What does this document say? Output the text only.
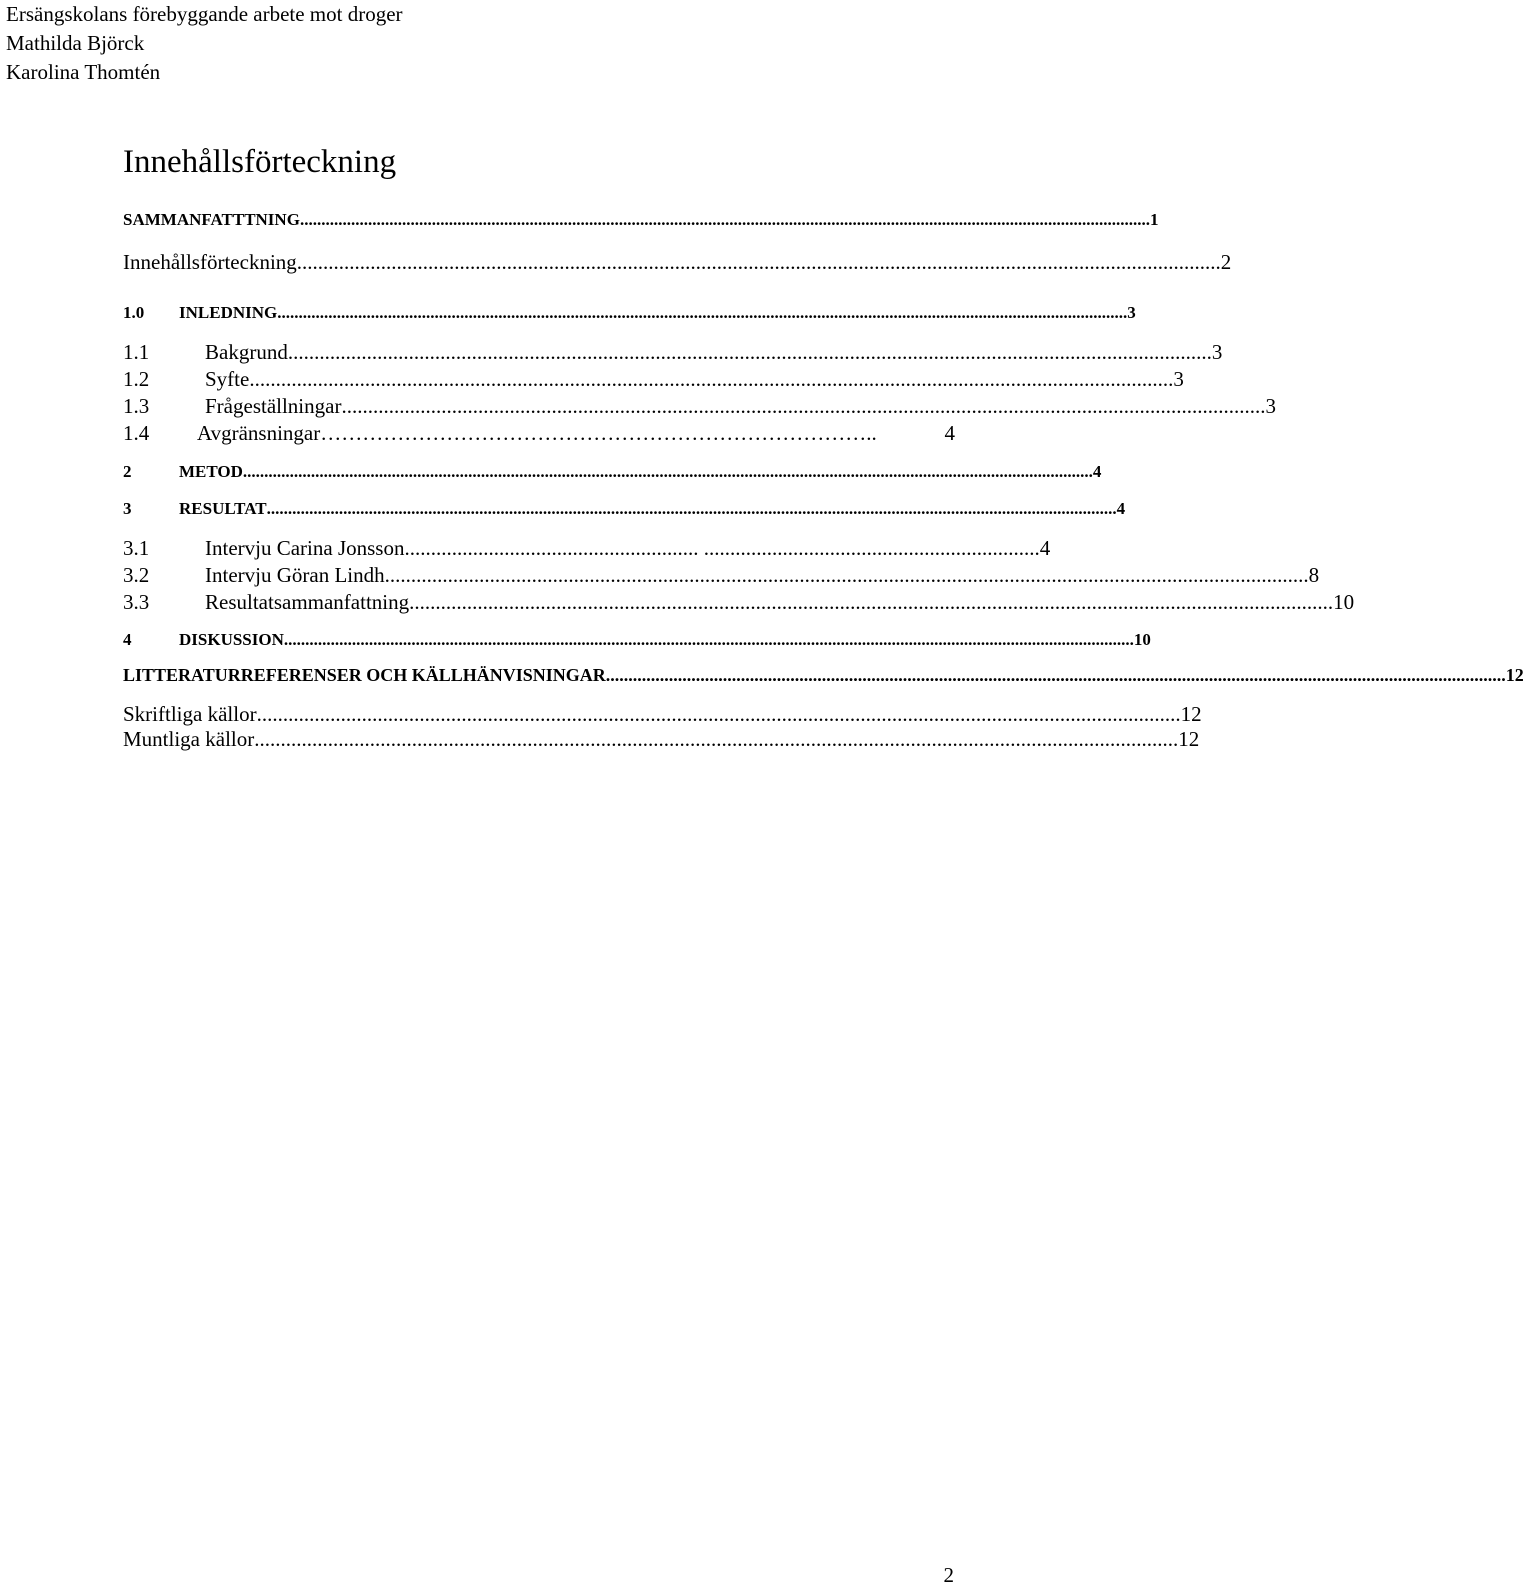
Ersängskolans förebyggande arbete mot droger
Mathilda Björck
Karolina Thomtén
Innehållsförteckning
SAMMANFATTTNING ........................................................................................................................................................................................................ 1
Innehållsförteckning ................................................................................................................................................................................ 2
1.0	INLEDNING ........................................................................................................................................................................................................ 3
1.1	Bakgrund ................................................................................................................................................................................ 3
1.2	Syfte ................................................................................................................................................................................ 3
1.3	Frågeställningar ................................................................................................................................................................................ 3
1.4	Avgränsningar ……………………………………………………………………..	4
2	METOD ........................................................................................................................................................................................................ 4
3	RESULTAT ........................................................................................................................................................................................................ 4
3.1	Intervju Carina Jonsson ........................................................ ................................................................ 4
3.2	Intervju Göran Lindh ................................................................................................................................................................................ 8
3.3	Resultatsammanfattning ................................................................................................................................................................................ 10
4	DISKUSSION ........................................................................................................................................................................................................ 10
LITTERATURREFERENSER OCH KÄLLHÄNVISNINGAR ........................................................................................................................................................................................................ 12
Skriftliga källor ................................................................................................................................................................................ 12
Muntliga källor ................................................................................................................................................................................ 12
2
